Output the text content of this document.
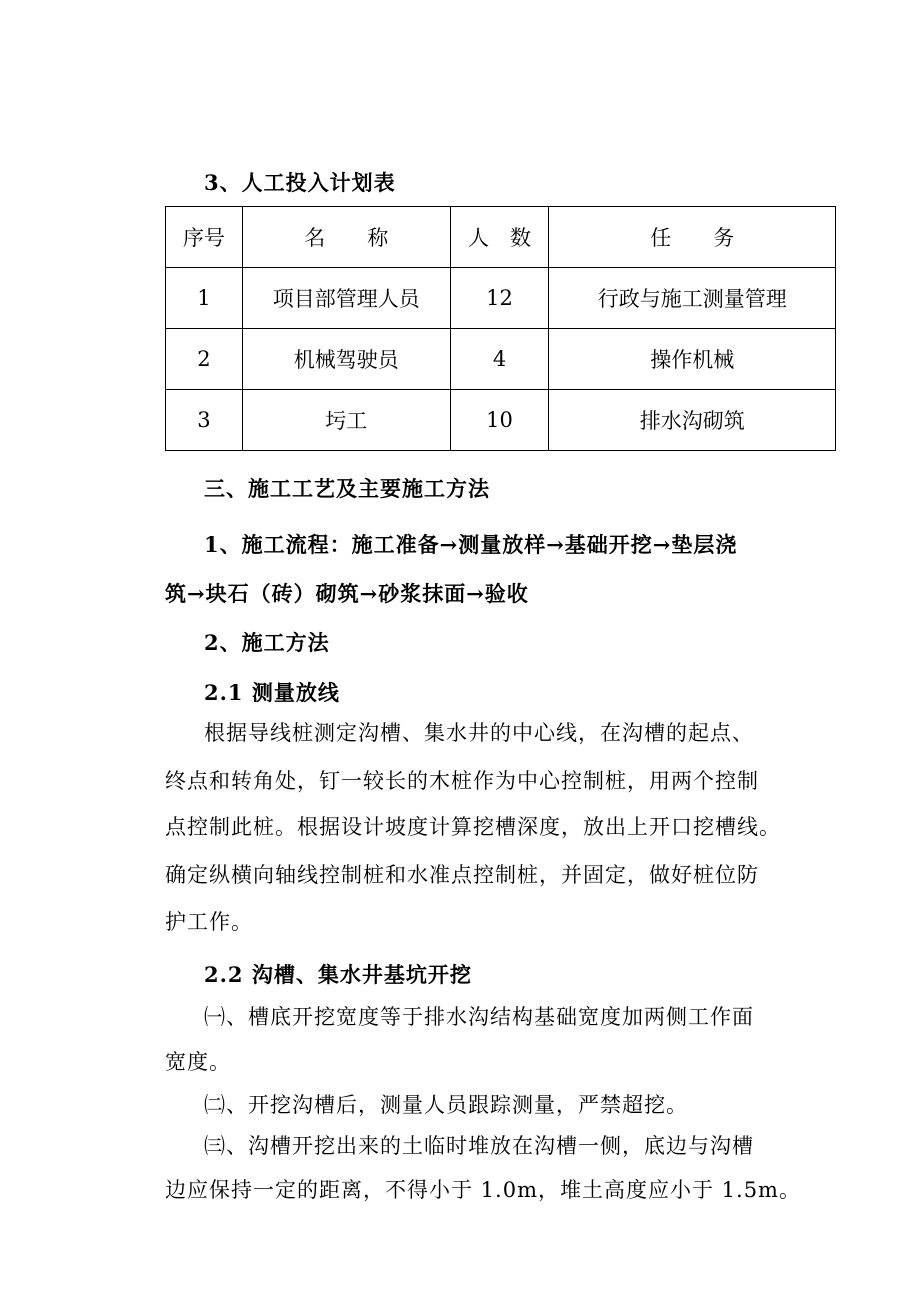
3、人工投入计划表
序号	名　　称	人　数	任　　务
1	项目部管理人员	12	行政与施工测量管理
2	机械驾驶员	4	操作机械
3	圬工	10	排水沟砌筑
三、施工工艺及主要施工方法
1、施工流程：施工准备→测量放样→基础开挖→垫层浇
筑→块石（砖）砌筑→砂浆抹面→验收
2、施工方法
2.1 测量放线
根据导线桩测定沟槽、集水井的中心线，在沟槽的起点、
终点和转角处，钉一较长的木桩作为中心控制桩，用两个控制
点控制此桩。根据设计坡度计算挖槽深度，放出上开口挖槽线。
确定纵横向轴线控制桩和水准点控制桩，并固定，做好桩位防
护工作。
2.2 沟槽、集水井基坑开挖
㈠、槽底开挖宽度等于排水沟结构基础宽度加两侧工作面
宽度。
㈡、开挖沟槽后，测量人员跟踪测量，严禁超挖。
㈢、沟槽开挖出来的土临时堆放在沟槽一侧，底边与沟槽
边应保持一定的距离，不得小于 1.0m，堆土高度应小于 1.5m。
